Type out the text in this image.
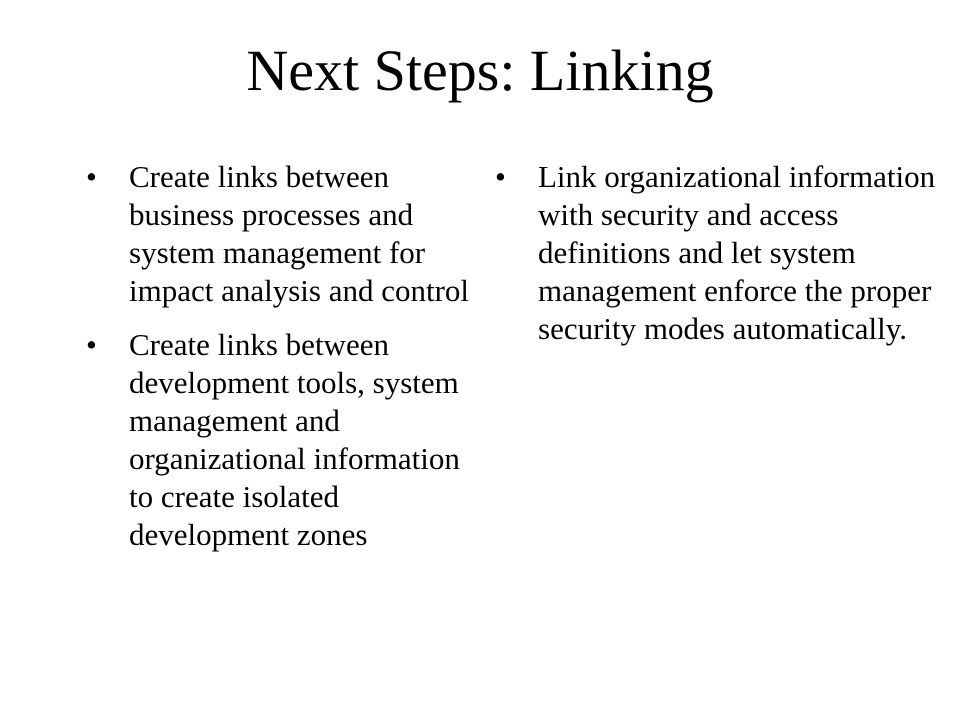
Next Steps: Linking
• Create links between business processes and system management for impact analysis and control
• Create links between development tools, system management and organizational information to create isolated development zones
• Link organizational information with security and access definitions and let system management enforce the proper security modes automatically.
